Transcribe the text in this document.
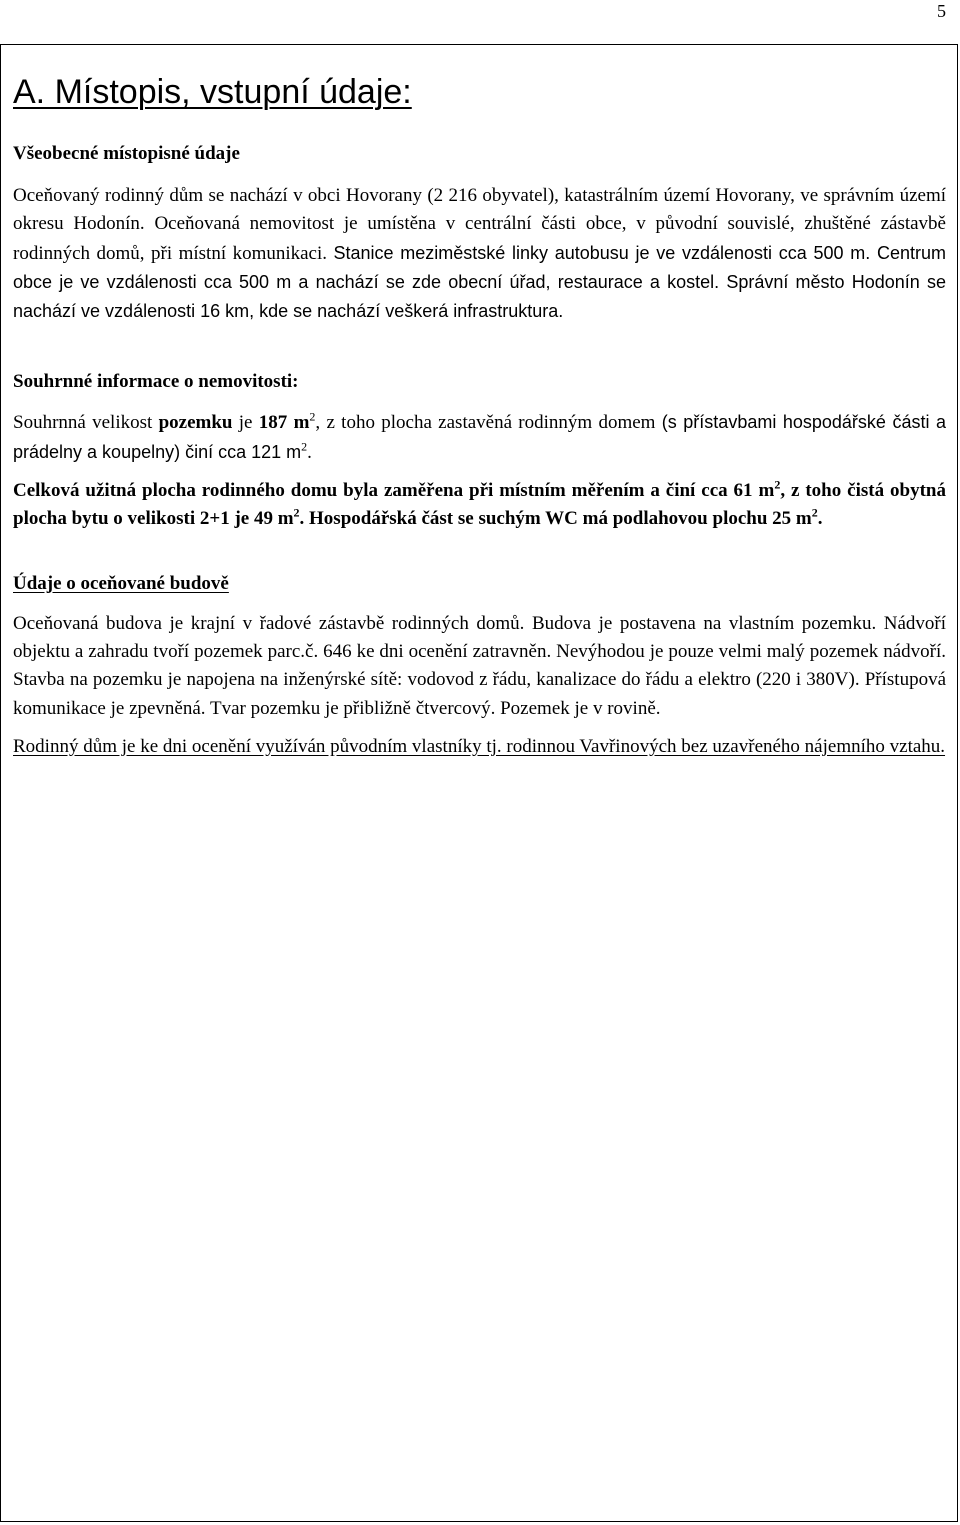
5
A. Místopis, vstupní údaje:
Všeobecné místopisné údaje

Oceňovaný rodinný dům se nachází v obci Hovorany (2 216 obyvatel), katastrálním území Hovorany, ve správním území okresu Hodonín. Oceňovaná nemovitost je umístěna v centrální části obce, v původní souvislé, zhuštěné zástavbě rodinných domů, při místní komunikaci. Stanice meziměstské linky autobusu je ve vzdálenosti cca 500 m. Centrum obce je ve vzdálenosti cca 500 m a nachází se zde obecní úřad, restaurace a kostel. Správní město Hodonín se nachází ve vzdálenosti 16 km, kde se nachází veškerá infrastruktura.

Souhrnné informace o nemovitosti:

Souhrnná velikost pozemku je 187 $m^2$, z toho plocha zastavěná rodinným domem (s přístavbami hospodářské části a prádelny a koupelny) činí cca 121 $m^2$.

Celková užitná plocha rodinného domu byla zaměřena při místním měřením a činí cca 61 $m^2$, z toho čistá obytná plocha bytu o velikosti 2+1 je 49 $m^2$. Hospodářská část se suchým WC má podlahovou plochu 25 $m^2$.

Údaje o oceňované budově

Oceňovaná budova je krajní v řadové zástavbě rodinných domů. Budova je postavena na vlastním pozemku. Nádvoří objektu a zahradu tvoří pozemek parc.č. 646 ke dni ocenění zatravněn. Nevýhodou je pouze velmi malý pozemek nádvoří. Stavba na pozemku je napojena na inženýrské sítě: vodovod z řádu, kanalizace do řádu a elektro (220 i 380V). Přístupová komunikace je zpevněná. Tvar pozemku je přibližně čtvercový. Pozemek je v rovině.

Rodinný dům je ke dni ocenění využíván původním vlastníky tj. rodinnou Vavřinových bez uzavřeného nájemního vztahu.
